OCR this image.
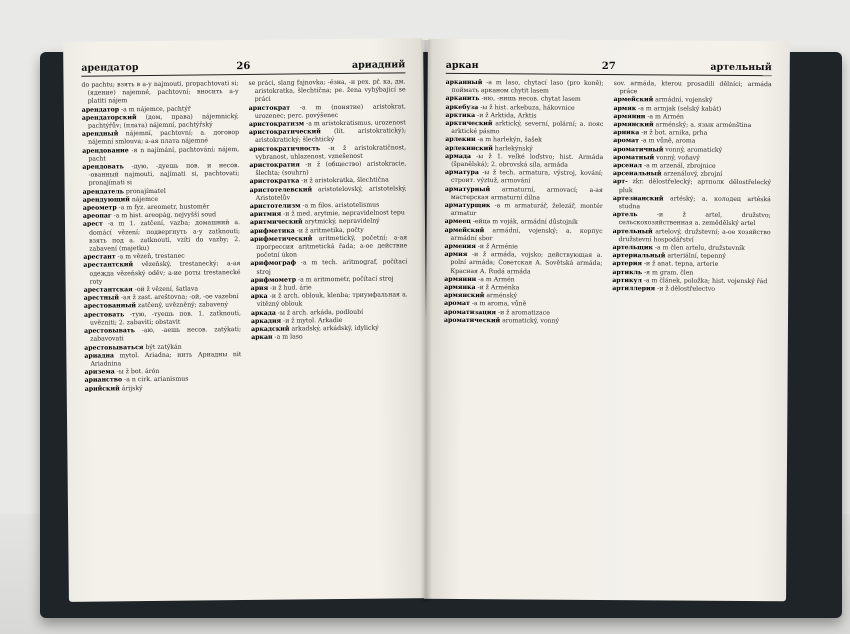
арендатор	26	ариадний

do pachtu; взять в а-у najmouti, propachtovati si; (ядение) najemné, pachtovní; вносить а-у platiti nájem

арендатор -а m nájemce, pachtýř

арендаторский (дом, права) nájemnický, pachtýřův; (плата) nájemní, pachtýřský

арендный nájemní, pachtovní; а. договор nájemní smlouva; а-ая плата nájemné

арендование -я n najímání, pachtování; nájem, pacht

арендовать -дую, -дуешь пов. и несов. -ованный najmouti, najímati si, pachtovati; pronajímati si

арендатель pronajímatel

арендующий nájemce

ареометр -а m fyz. areometr, hustoměr

ареопаг -а m hist. areopág, nejvyšší soud

арест -а m 1. zatčení, vazba; домашний а. domácí vězení; подвергнуть а-у zatknouti; взять под а. zatknouti, vzíti do vazby; 2. zabavení (majetku)

арестант -а m vězeň, trestanec

арестантский vězeňský, trestanecký; а-ая одежда vězeňský oděv; а-ие роты trestanecké roty

арестантская -ой ž vězení, šatlava

арестный -ая ž zast. areštovna; -ой, -ое vazební

арестованный zatčený, uvězněný; zabavený

арестовать -тую, -туешь пов. 1. zatknouti, uvězniti; 2. zabaviti; obstavit

арестовывать -аю, -аешь несов. zatýkati; zabavovati

арестовываться být zatýkán

ариадна mytol. Ariadna; нить Ариадны nit Ariadnina

аризема -ы ž bot. árón

арианство -а n cirk. arianismus

арийский árijský

se práci, slang fajnovka; -ёзна, -н pex. př. ка, дм. aristokratka, šlechtična; pe. žena vyhýbající se práci

аристократ -а m (понятие) aristokrat, urozenec; perc. povýšenec

аристократизм -а m aristokratismus, urozenost

аристократический (lit. aristokratický); aristokratický; šlechtický

аристократичность -и ž aristokratičnost, vybranost, uhlazenost, vznešenost

аристократия -и ž (общество) aristokracie, šlechta; (souhrn)

аристократка -и ž aristokratka, šlechtična

аристотелевский aristotelovský, aristotelský, Aristotelův

аристотелизм -а m filos. aristotelismus

аритмия -и ž med. arytmie, nepravidelnost tepu

аритмический arytmický, nepravidelný

арифметика -и ž aritmetika, počty

арифметический aritmetický, početní; а-ая прогрессия aritmetická řada; а-ое действие početní úkon

арифмограф -а m tech. aritmograf, počítací stroj

арифмометр -а m aritmometr, počítací stroj

ария -и ž hud. árie

арка -и ž arch. oblouk, klenba; триумфальная а. vítězný oblouk

аркада -ы ž arch. arkáda, podloubí

аркадия -и ž mytol. Arkadie

аркадский arkadský, arkádský, idylický

аркан -а m laso

аркан	27	артельный

арканный -а m laso, chytací laso (pro koně); поймать арканом chytit lasem

арканить -ню, -нишь несов. chytat lasem

аркебуза -ы ž hist. arkebuza, hákovnice

арктика -и ž Arktida, Arktis

арктический arktický, severní, polární; а. пояс arktické pásmo

арлекин -а m harlekýn, šašek

арлекинский harlekýnský

армада -ы ž 1. velké loďstvo; hist. Armáda (španělská); 2. obrovská síla, armáda

арматура -ы ž tech. armatura, výstroj, kování; строит. výztuž, armování

арматурный armaturní, armovací; а-ая мастерская armaturní dílna

арматурщик -а m armaturář, železář, montér armatur

армеец -ейца m voják, armádní důstojník

армейский armádní, vojenský; а. корпус armádní sbor

армения -и ž Arménie

армия -и ž armáda, vojsko; действующая а. polní armáda; Советская А. Sovětská armáda; Красная А. Rudá armáda

армянин -а m Armén

армянка -и ž Arménka

армянский arménský

аромат -а m aroma, vůně

ароматизация -и ž aromatizace

ароматический aromatický, vonný

sov. armáda, kterou prosadili dělníci; armáda práce

армейский armádní, vojenský

армяк -а m armjak (selský kabát)

армянин -а m Armén

армянский arménský; а. язык arménština

арника -и ž bot. arnika, prha

аромат -а m vůně, aroma

ароматичный vonný, aromatický

ароматный vonný, voňavý

арсенал -а m arzenál, zbrojnice

арсенальный arzenálový, zbrojní

арт- zkr. dělostřelecký; артполк dělostřelecký pluk

артезианский artéský; а. колодец artéská studna

артель	-и ž artel, družstvo; сельскохозяйственная а. zemědělský artel

артельный artelový, družstevní; а-ое хозяйство družstevní hospodářství

артельщик -а m člen artelu, družstevník

артериальный arteriální, tepenný

артерия -и ž anat. tepna, arterie

артикль -я m gram. člen

артикул -а m článek, položka; hist. vojenský řád

артиллерия -и ž dělostřelectvo
